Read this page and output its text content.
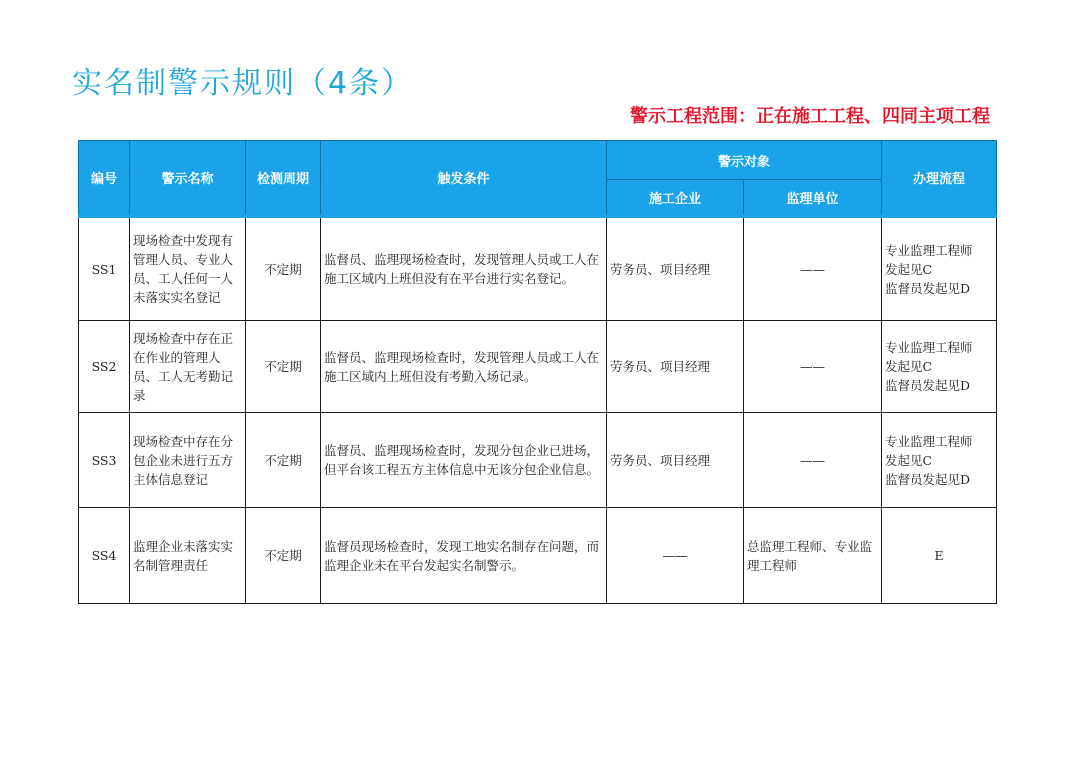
实名制警示规则（4条）
警示工程范围：正在施工工程、四同主项工程
编号	警示名称	检测周期	触发条件	警示对象		办理流程
				施工企业	监理单位	
SS1	现场检查中发现有管理人员、专业人员、工人任何一人未落实实名登记	不定期	监督员、监理现场检查时，发现管理人员或工人在施工区域内上班但没有在平台进行实名登记。	劳务员、项目经理	——	专业监理工程师
发起见C
监督员发起见D

SS2	现场检查中存在正在作业的管理人员、工人无考勤记录	不定期	监督员、监理现场检查时，发现管理人员或工人在施工区域内上班但没有考勤入场记录。	劳务员、项目经理	——	专业监理工程师
发起见C
监督员发起见D

SS3	现场检查中存在分包企业未进行五方主体信息登记	不定期	监督员、监理现场检查时，发现分包企业已进场，但平台该工程五方主体信息中无该分包企业信息。	劳务员、项目经理	——	专业监理工程师
发起见C
监督员发起见D

SS4	监理企业未落实实名制管理责任	不定期	监督员现场检查时，发现工地实名制存在问题，而监理企业未在平台发起实名制警示。	——	总监理工程师、专业监理工程师	E
